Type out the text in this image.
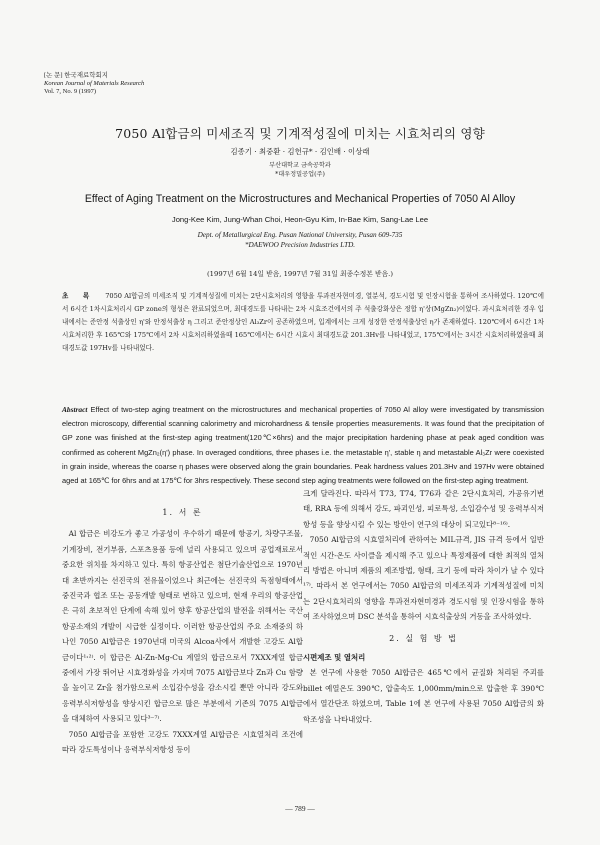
[논 문] 한국재료학회지
Korean Journal of Materials Research
Vol. 7, No. 9 (1997)
7050 Al합금의 미세조직 및 기계적성질에 미치는 시효처리의 영향
김종기 · 최중환 · 김헌규* · 김인배 · 이상래
부산대학교 금속공학과
*대우정밀공업(주)
Effect of Aging Treatment on the Microstructures and Mechanical Properties of 7050 Al Alloy
Jong-Kee Kim, Jung-Whan Choi, Heon-Gyu Kim, In-Bae Kim, Sang-Lae Lee
Dept. of Metallurgical Eng. Pusan National University, Pusan 609-735
*DAEWOO Precision Industries LTD.
(1997년 6월 14일 받음, 1997년 7월 31일 최종수정본 받음.)
초 록 7050 Al합금의 미세조직 및 기계적성질에 미치는 2단시효처리의 영향을 투과전자현미경, 열분석, 경도시험 및 인장시험을 통하여 조사하였다. 120℃에서 6시간 1차시효처리시 GP zone의 형성은 완료되었으며, 최대경도를 나타내는 2차 시효조건에서의 주 석출강화상은 정합 η'상(MgZn₂)이었다. 과시효처리한 경우 입내에서는 준안정 석출상인 η'와 안정석출상 η 그리고 준안정상인 Al₃Zr이 공존하였으며, 입계에서는 크게 성장한 안정석출상인 η가 존재하였다. 120℃에서 6시간 1차 시효처리한 후 165℃와 175℃에서 2차 시효처리하였을때 165℃에서는 6시간 시효시 최대경도값 201.3Hv를 나타내었고, 175℃에서는 3시간 시효처리하였을때 최대경도값 197Hv를 나타내었다.
Abstract Effect of two-step aging treatment on the microstructures and mechanical properties of 7050 Al alloy were investigated by transmission electron microscopy, differential scanning calorimetry and microhardness & tensile properties measurements. It was found that the precipitation of GP zone was finished at the first-step aging treatment(120℃×6hrs) and the major precipitation hardening phase at peak aged condition was confirmed as coherent MgZn₂(η') phase. In overaged conditions, three phases i.e. the metastable η', stable η and metastable Al₃Zr were coexisted in grain inside, whereas the coarse η phases were observed along the grain boundaries. Peak hardness values 201.3Hv and 197Hv were obtained aged at 165℃ for 6hrs and at 175℃ for 3hrs respectively. These second step aging treatments were followed on the first-step aging treatment.
1. 서 론

Al 합금은 비강도가 좋고 가공성이 우수하기 때문에 항공기, 차량구조물, 기계장비, 전기부품, 스포츠용품 등에 널리 사용되고 있으며 공업재료로서 중요한 위치를 차지하고 있다. 특히 항공산업은 첨단기술산업으로 1970년대 초반까지는 선진국의 전유물이었으나 최근에는 선진국의 독점형태에서 중진국과 협조 또는 공동개발 형태로 변하고 있으며, 현재 우리의 항공산업은 극히 초보적인 단계에 속해 있어 향후 항공산업의 발전을 위해서는 국산 항공소재의 개발이 시급한 실정이다. 이러한 항공산업의 주요 소재중의 하나인 7050 Al합금은 1970년대 미국의 Alcoa사에서 개발한 고강도 Al합금이다¹˒²⁾. 이 합금은 Al-Zn-Mg-Cu 계열의 합금으로서 7XXX계열 합금 중에서 가장 뛰어난 시효경화성을 가지며 7075 Al합금보다 Zn과 Cu 함량을 높이고 Zr을 첨가함으로써 소입감수성을 감소시킬 뿐만 아니라 강도와 응력부식저항성을 향상시킨 합금으로 많은 부분에서 기존의 7075 Al합금을 대체하여 사용되고 있다³⁻⁷⁾.

7050 Al합금을 포함한 고강도 7XXX계열 Al합금은 시효열처리 조건에 따라 강도특성이나 응력부식저항성 등이

크게 달라진다. 따라서 T73, T74, T76과 같은 2단시효처리, 가공유기변태, RRA 등에 의해서 강도, 파괴인성, 피로특성, 소입감수성 및 응력부식저항성 등을 향상시킬 수 있는 방안이 연구의 대상이 되고있다⁸⁻¹⁶⁾.

7050 Al합금의 시효열처리에 관하여는 MIL규격, JIS 규격 등에서 일반적인 시간-온도 사이클을 제시해 주고 있으나 특정제품에 대한 최적의 열처리 방법은 아니며 제품의 제조방법, 형태, 크기 등에 따라 차이가 날 수 있다¹⁷⁾. 따라서 본 연구에서는 7050 Al합금의 미세조직과 기계적성질에 미치는 2단시효처리의 영향을 투과전자현미경과 경도시험 및 인장시험을 통하여 조사하였으며 DSC 분석을 통하여 시효석출상의 거동을 조사하였다.

2. 실 험 방 법
시편제조 및 열처리

본 연구에 사용한 7050 Al합금은 465℃에서 균질화 처리된 주괴를 billet 예열온도 390℃, 압출속도 1,000mm/min으로 압출한 후 390℃에서 열간단조 하였으며, Table 1에 본 연구에 사용된 7050 Al합금의 화학조성을 나타내었다.

— 789 —
